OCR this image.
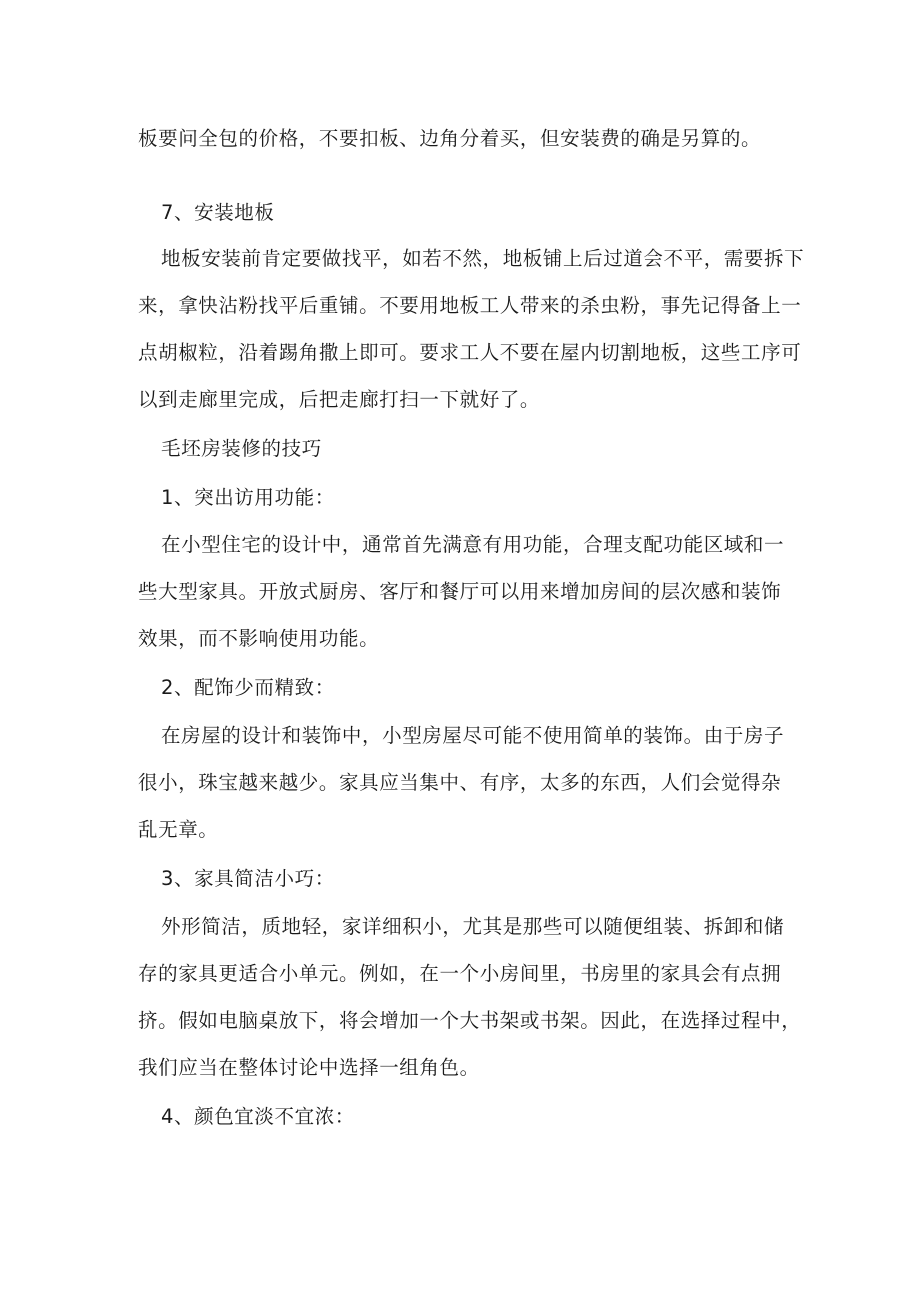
板要问全包的价格，不要扣板、边角分着买，但安装费的确是另算的。

7、安装地板

地板安装前肯定要做找平，如若不然，地板铺上后过道会不平，需要拆下

来，拿快沾粉找平后重铺。不要用地板工人带来的杀虫粉，事先记得备上一

点胡椒粒，沿着踢角撒上即可。要求工人不要在屋内切割地板，这些工序可

以到走廊里完成，后把走廊打扫一下就好了。

毛坯房装修的技巧

1、突出访用功能：

在小型住宅的设计中，通常首先满意有用功能，合理支配功能区域和一

些大型家具。开放式厨房、客厅和餐厅可以用来增加房间的层次感和装饰

效果，而不影响使用功能。

2、配饰少而精致：

在房屋的设计和装饰中，小型房屋尽可能不使用简单的装饰。由于房子

很小，珠宝越来越少。家具应当集中、有序，太多的东西，人们会觉得杂

乱无章。

3、家具简洁小巧：

外形简洁，质地轻，家详细积小，尤其是那些可以随便组装、拆卸和储

存的家具更适合小单元。例如，在一个小房间里，书房里的家具会有点拥

挤。假如电脑桌放下，将会增加一个大书架或书架。因此，在选择过程中，

我们应当在整体讨论中选择一组角色。

4、颜色宜淡不宜浓：
